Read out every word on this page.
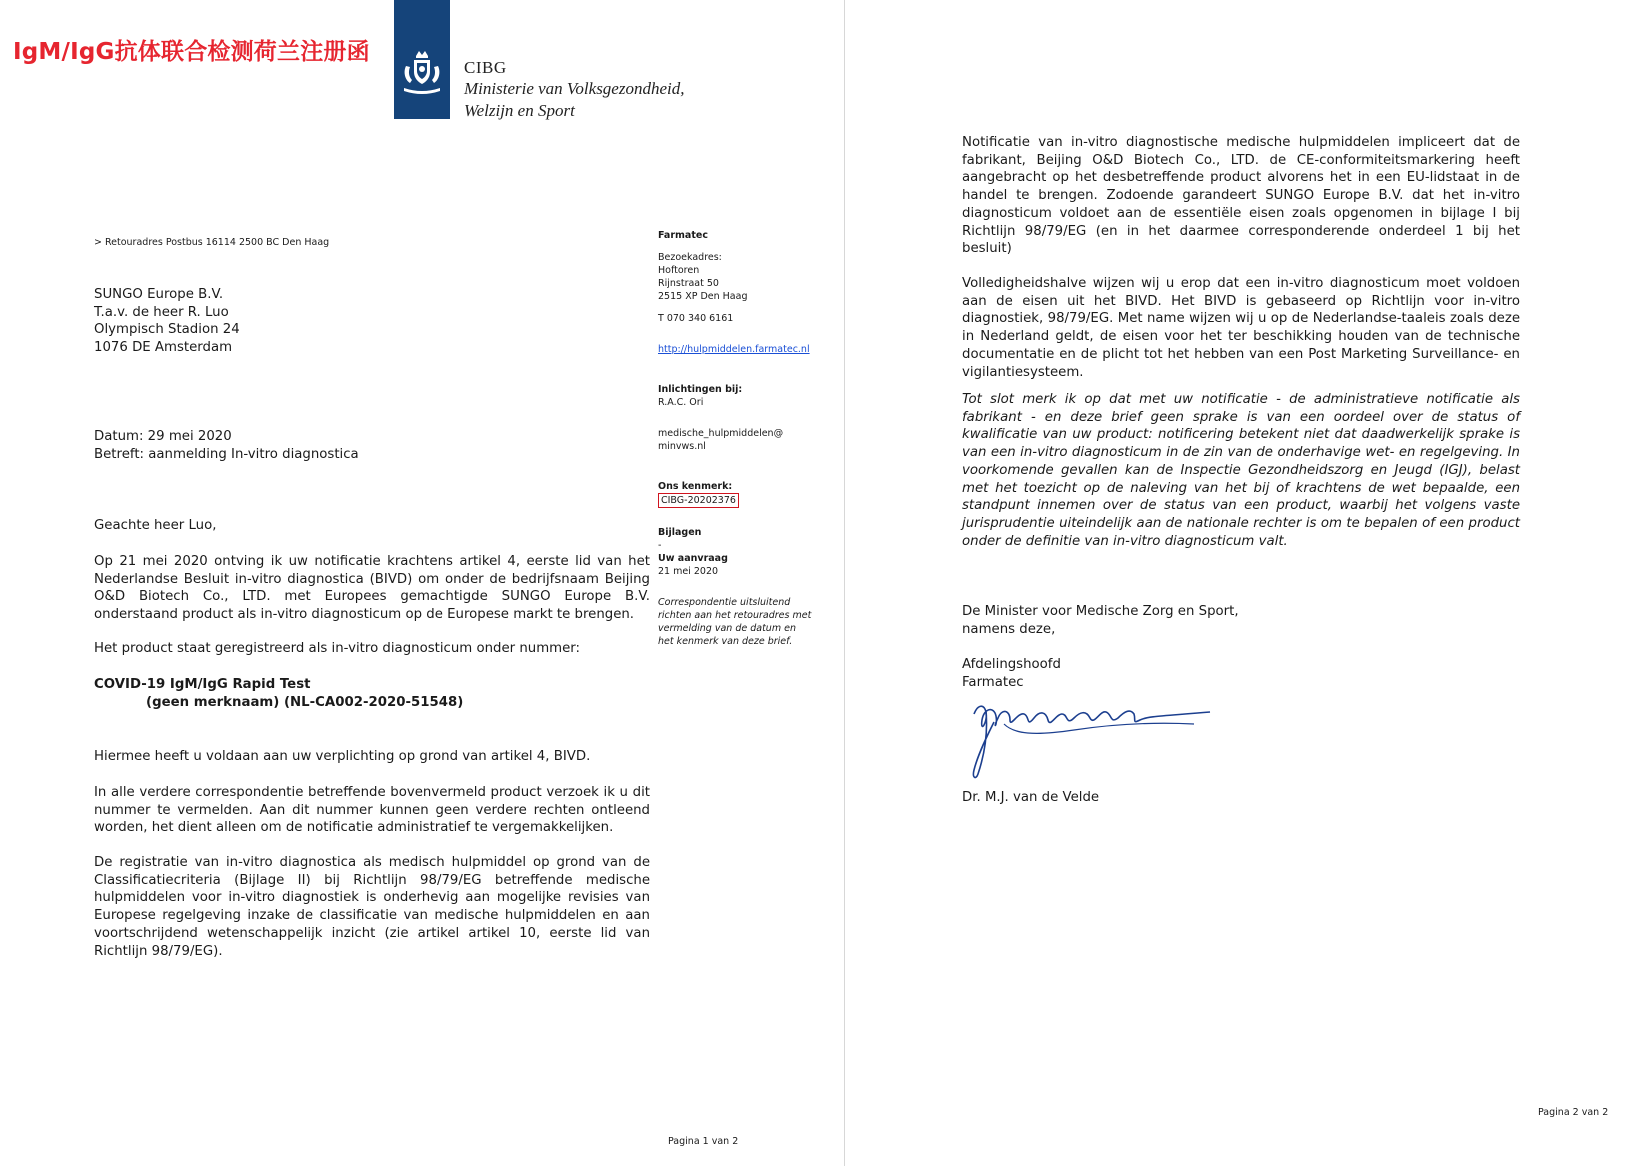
IgM/IgG抗体联合检测荷兰注册函
CIBG
Ministerie van Volksgezondheid,
Welzijn en Sport
> Retouradres Postbus 16114 2500 BC Den Haag
SUNGO Europe B.V.
T.a.v. de heer R. Luo
Olympisch Stadion 24
1076 DE Amsterdam
Datum: 29 mei 2020
Betreft: aanmelding In-vitro diagnostica
Geachte heer Luo,
Op 21 mei 2020 ontving ik uw notificatie krachtens artikel 4, eerste lid van het Nederlandse Besluit in-vitro diagnostica (BIVD) om onder de bedrijfsnaam Beijing O&D Biotech Co., LTD. met Europees gemachtigde SUNGO Europe B.V. onderstaand product als in-vitro diagnosticum op de Europese markt te brengen.
Het product staat geregistreerd als in-vitro diagnosticum onder nummer:
COVID-19 IgM/IgG Rapid Test
(geen merknaam) (NL-CA002-2020-51548)
Hiermee heeft u voldaan aan uw verplichting op grond van artikel 4, BIVD.
In alle verdere correspondentie betreffende bovenvermeld product verzoek ik u dit nummer te vermelden. Aan dit nummer kunnen geen verdere rechten ontleend worden, het dient alleen om de notificatie administratief te vergemakkelijken.
De registratie van in-vitro diagnostica als medisch hulpmiddel op grond van de Classificatiecriteria (Bijlage II) bij Richtlijn 98/79/EG betreffende medische hulpmiddelen voor in-vitro diagnostiek is onderhevig aan mogelijke revisies van Europese regelgeving inzake de classificatie van medische hulpmiddelen en aan voortschrijdend wetenschappelijk inzicht (zie artikel artikel 10, eerste lid van Richtlijn 98/79/EG).
Farmatec
Bezoekadres:
Hoftoren
Rijnstraat 50
2515 XP Den Haag
T 070 340 6161
http://hulpmiddelen.farmatec.nl
Inlichtingen bij:
R.A.C. Ori
medische_hulpmiddelen@
minvws.nl
Ons kenmerk:
CIBG-20202376
Bijlagen
-
Uw aanvraag
21 mei 2020
Correspondentie uitsluitend
richten aan het retouradres met
vermelding van de datum en
het kenmerk van deze brief.
Pagina 1 van 2
Notificatie van in-vitro diagnostische medische hulpmiddelen impliceert dat de fabrikant, Beijing O&D Biotech Co., LTD. de CE-conformiteitsmarkering heeft aangebracht op het desbetreffende product alvorens het in een EU-lidstaat in de handel te brengen. Zodoende garandeert SUNGO Europe B.V. dat het in-vitro diagnosticum voldoet aan de essentiële eisen zoals opgenomen in bijlage I bij Richtlijn 98/79/EG (en in het daarmee corresponderende onderdeel 1 bij het besluit)
Volledigheidshalve wijzen wij u erop dat een in-vitro diagnosticum moet voldoen aan de eisen uit het BIVD. Het BIVD is gebaseerd op Richtlijn voor in-vitro diagnostiek, 98/79/EG. Met name wijzen wij u op de Nederlandse-taaleis zoals deze in Nederland geldt, de eisen voor het ter beschikking houden van de technische documentatie en de plicht tot het hebben van een Post Marketing Surveillance- en vigilantiesysteem.
Tot slot merk ik op dat met uw notificatie - de administratieve notificatie als fabrikant - en deze brief geen sprake is van een oordeel over de status of kwalificatie van uw product: notificering betekent niet dat daadwerkelijk sprake is van een in-vitro diagnosticum in de zin van de onderhavige wet- en regelgeving. In voorkomende gevallen kan de Inspectie Gezondheidszorg en Jeugd (IGJ), belast met het toezicht op de naleving van het bij of krachtens de wet bepaalde, een standpunt innemen over de status van een product, waarbij het volgens vaste jurisprudentie uiteindelijk aan de nationale rechter is om te bepalen of een product onder de definitie van in-vitro diagnosticum valt.
De Minister voor Medische Zorg en Sport,
namens deze,
Afdelingshoofd
Farmatec
Dr. M.J. van de Velde
Pagina 2 van 2
